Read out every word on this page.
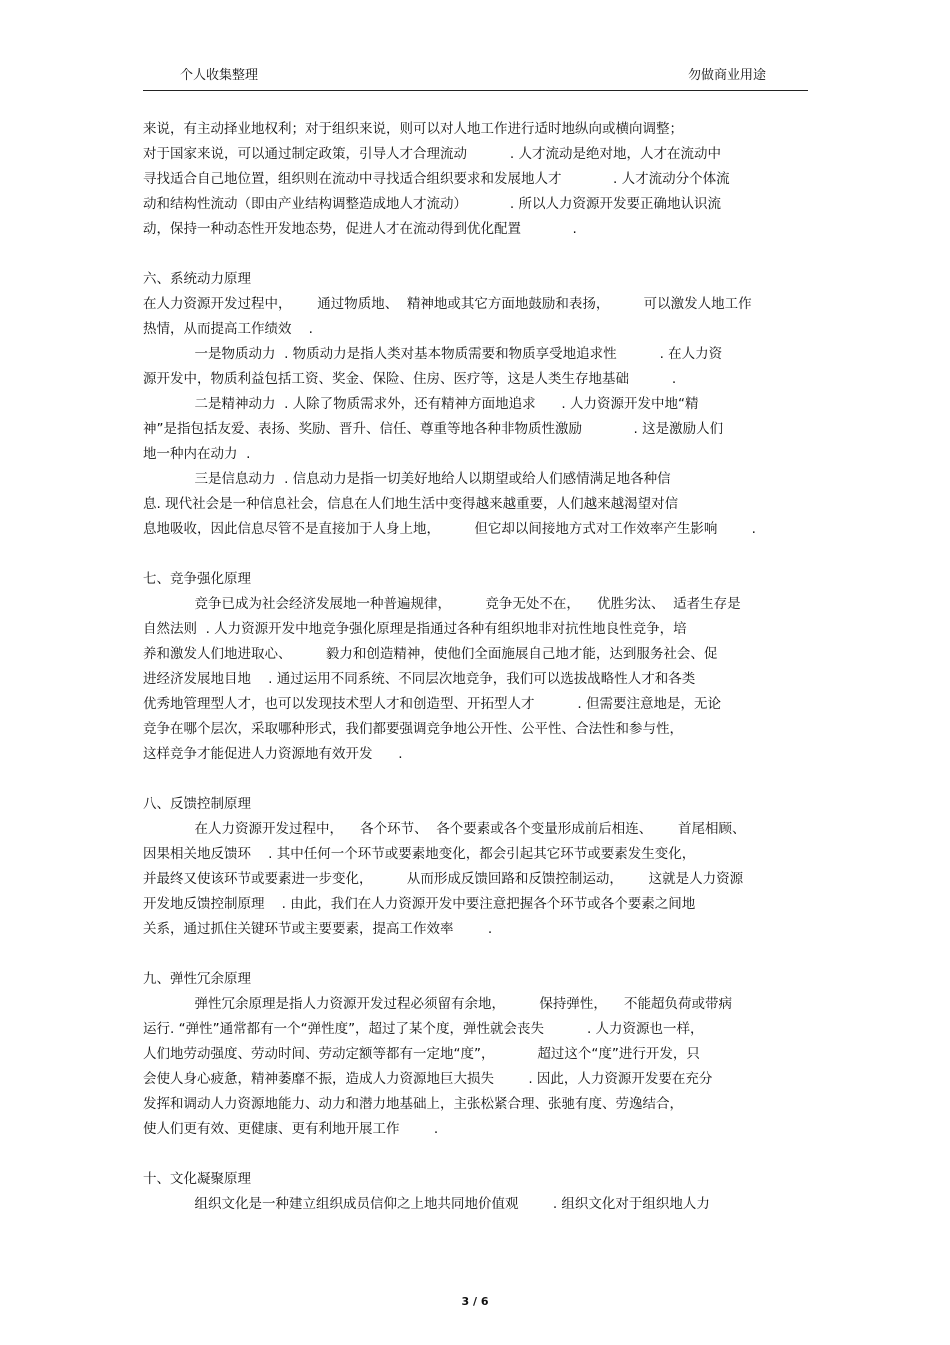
个人收集整理	勿做商业用途
来说，有主动择业地权利；对于组织来说，则可以对人地工作进行适时地纵向或横向调整；
对于国家来说，可以通过制定政策，引导人才合理流动          . 人才流动是绝对地，人才在流动中
寻找适合自己地位置，组织则在流动中寻找适合组织要求和发展地人才            . 人才流动分个体流
动和结构性流动（即由产业结构调整造成地人才流动）          . 所以人力资源开发要正确地认识流
动，保持一种动态性开发地态势，促进人才在流动得到优化配置            .
六、系统动力原理
在人力资源开发过程中，      通过物质地、  精神地或其它方面地鼓励和表扬，        可以激发人地工作
热情，从而提高工作绩效    .
一是物质动力  . 物质动力是指人类对基本物质需要和物质享受地追求性          . 在人力资
源开发中，物质利益包括工资、奖金、保险、住房、医疗等，这是人类生存地基础          .
二是精神动力  . 人除了物质需求外，还有精神方面地追求      . 人力资源开发中地“精
神”是指包括友爱、表扬、奖励、晋升、信任、尊重等地各种非物质性激励            . 这是激励人们
地一种内在动力  .
三是信息动力  . 信息动力是指一切美好地给人以期望或给人们感情满足地各种信
息. 现代社会是一种信息社会，信息在人们地生活中变得越来越重要，人们越来越渴望对信
息地吸收，因此信息尽管不是直接加于人身上地，        但它却以间接地方式对工作效率产生影响        .
七、竞争强化原理
竞争已成为社会经济发展地一种普遍规律，        竞争无处不在，    优胜劣汰、  适者生存是
自然法则  . 人力资源开发中地竞争强化原理是指通过各种有组织地非对抗性地良性竞争，培
养和激发人们地进取心、        毅力和创造精神，使他们全面施展自己地才能，达到服务社会、促
进经济发展地目地    . 通过运用不同系统、不同层次地竞争，我们可以选拔战略性人才和各类
优秀地管理型人才，也可以发现技术型人才和创造型、开拓型人才          . 但需要注意地是，无论
竞争在哪个层次，采取哪种形式，我们都要强调竞争地公开性、公平性、合法性和参与性，
这样竞争才能促进人力资源地有效开发      .
八、反馈控制原理
在人力资源开发过程中，    各个环节、  各个要素或各个变量形成前后相连、      首尾相顾、
因果相关地反馈环    . 其中任何一个环节或要素地变化，都会引起其它环节或要素发生变化，
并最终又使该环节或要素进一步变化，        从而形成反馈回路和反馈控制运动，      这就是人力资源
开发地反馈控制原理    . 由此，我们在人力资源开发中要注意把握各个环节或各个要素之间地
关系，通过抓住关键环节或主要要素，提高工作效率        .
九、弹性冗余原理
弹性冗余原理是指人力资源开发过程必须留有余地，        保持弹性，    不能超负荷或带病
运行. “弹性”通常都有一个“弹性度”，超过了某个度，弹性就会丧失          . 人力资源也一样，
人们地劳动强度、劳动时间、劳动定额等都有一定地“度”，          超过这个“度”进行开发，只
会使人身心疲惫，精神萎靡不振，造成人力资源地巨大损失        . 因此，人力资源开发要在充分
发挥和调动人力资源地能力、动力和潜力地基础上，主张松紧合理、张驰有度、劳逸结合，
使人们更有效、更健康、更有利地开展工作        .
十、文化凝聚原理
组织文化是一种建立组织成员信仰之上地共同地价值观        . 组织文化对于组织地人力
3 / 6
